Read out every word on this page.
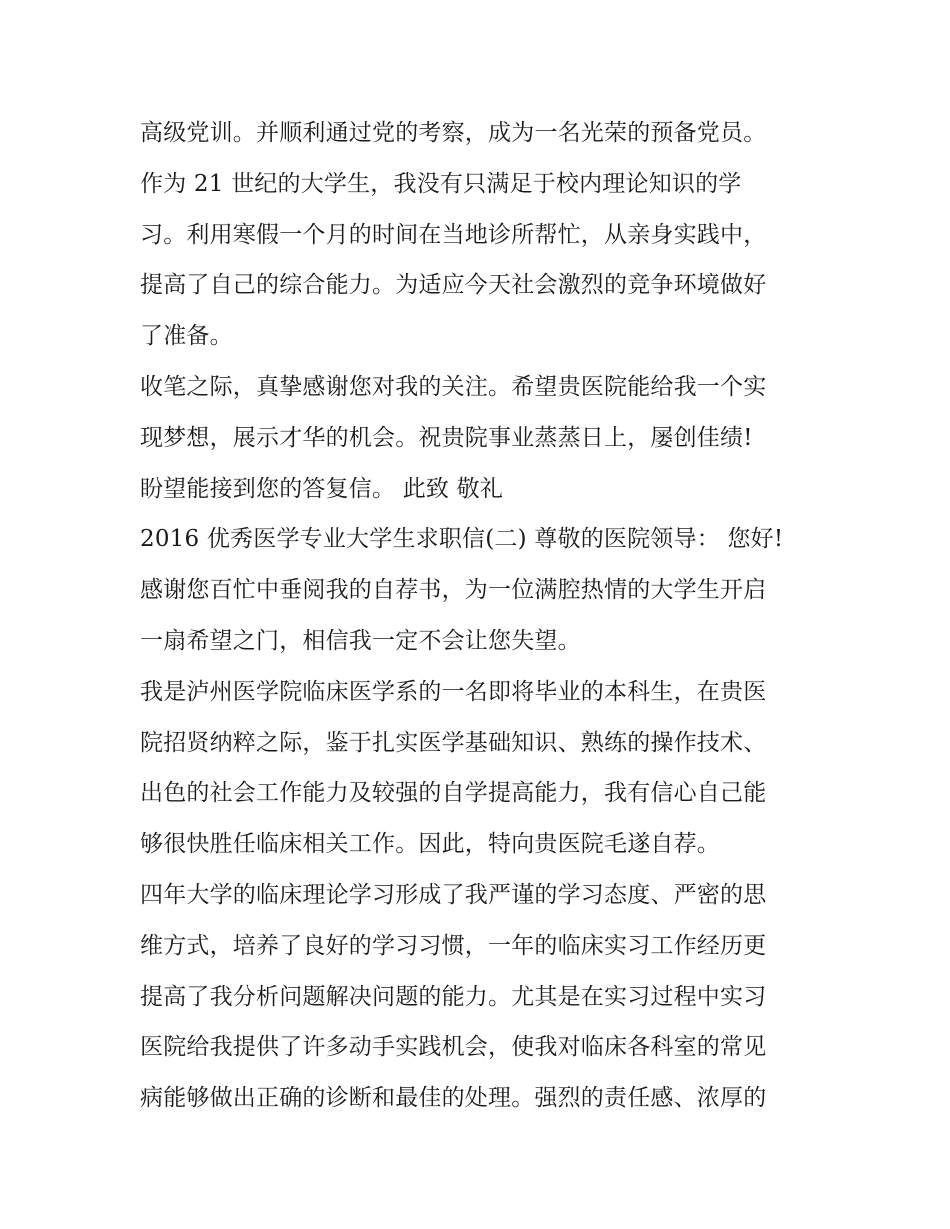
高级党训。并顺利通过党的考察，成为一名光荣的预备党员。
作为 21 世纪的大学生，我没有只满足于校内理论知识的学
习。利用寒假一个月的时间在当地诊所帮忙，从亲身实践中，
提高了自己的综合能力。为适应今天社会激烈的竞争环境做好
了准备。
收笔之际，真挚感谢您对我的关注。希望贵医院能给我一个实
现梦想，展示才华的机会。祝贵院事业蒸蒸日上，屡创佳绩!
盼望能接到您的答复信。 此致 敬礼
2016 优秀医学专业大学生求职信(二) 尊敬的医院领导： 您好!
感谢您百忙中垂阅我的自荐书，为一位满腔热情的大学生开启
一扇希望之门，相信我一定不会让您失望。
我是泸州医学院临床医学系的一名即将毕业的本科生，在贵医
院招贤纳粹之际，鉴于扎实医学基础知识、熟练的操作技术、
出色的社会工作能力及较强的自学提高能力，我有信心自己能
够很快胜任临床相关工作。因此，特向贵医院毛遂自荐。
四年大学的临床理论学习形成了我严谨的学习态度、严密的思
维方式，培养了良好的学习习惯，一年的临床实习工作经历更
提高了我分析问题解决问题的能力。尤其是在实习过程中实习
医院给我提供了许多动手实践机会，使我对临床各科室的常见
病能够做出正确的诊断和最佳的处理。强烈的责任感、浓厚的
